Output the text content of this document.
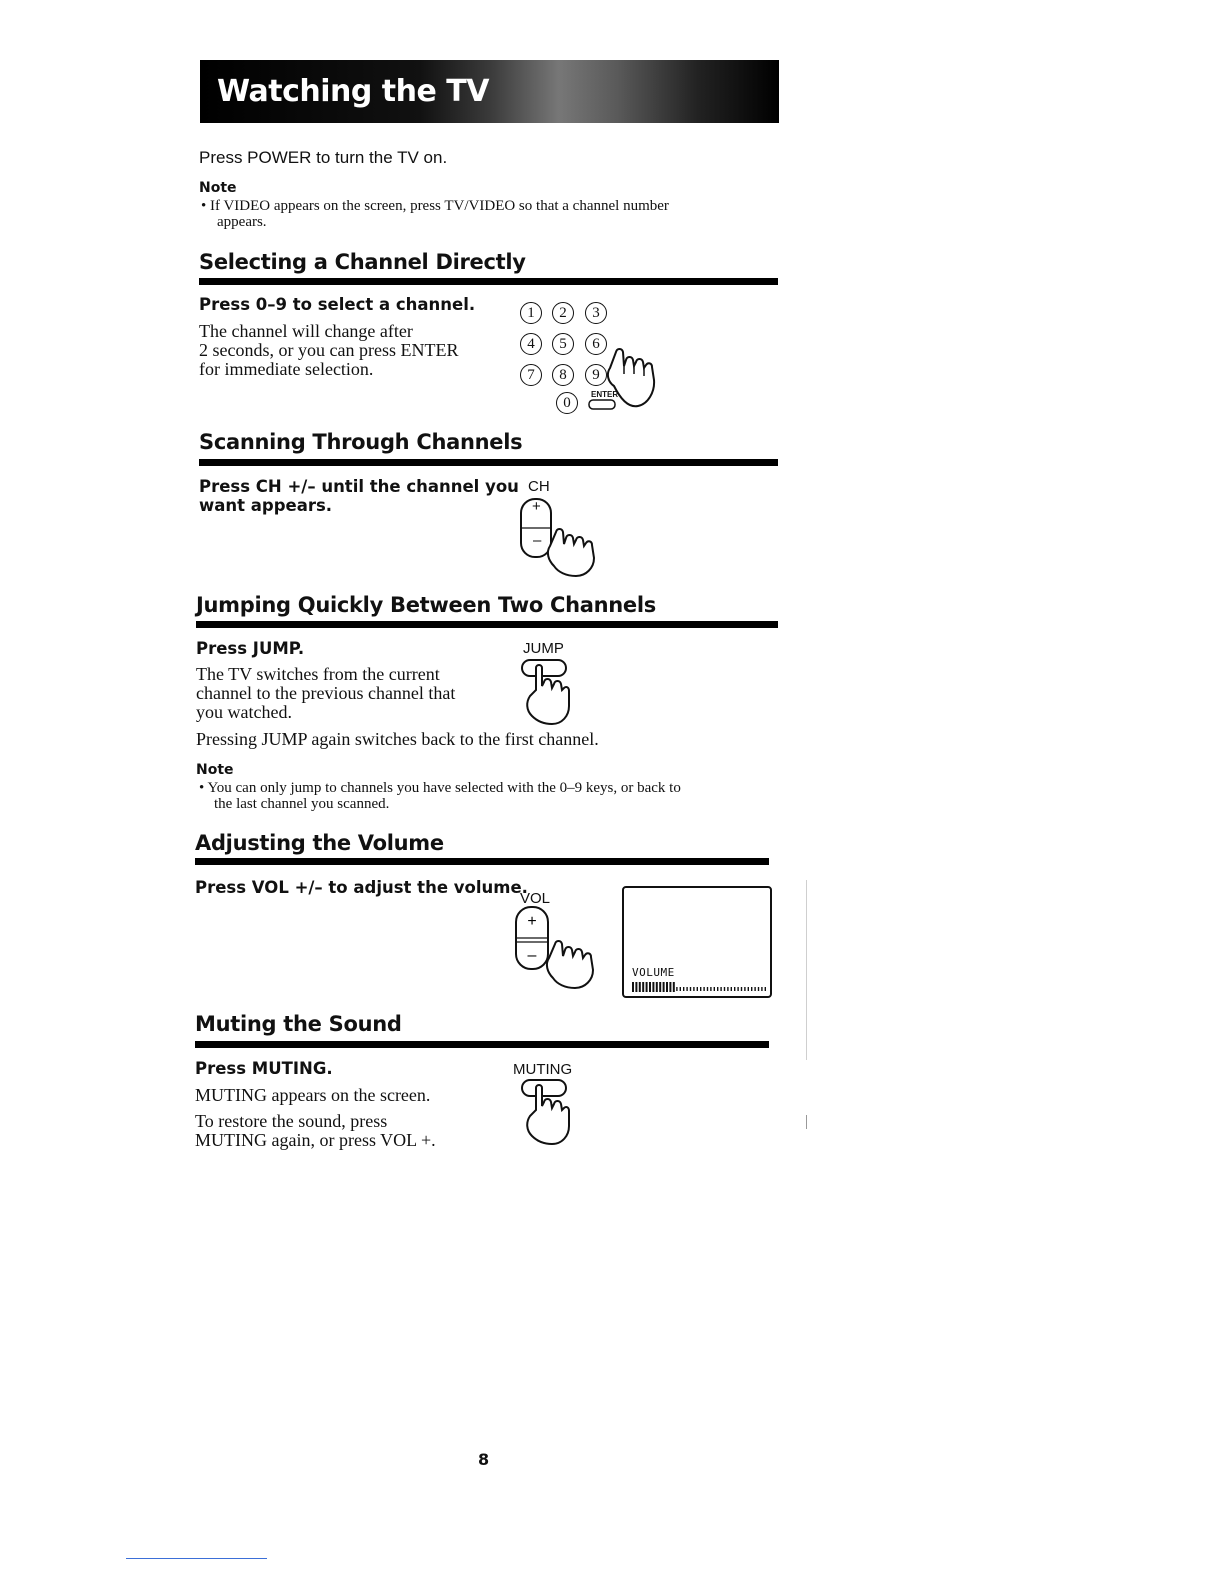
Watching the TV
Press POWER to turn the TV on.
Note
• If VIDEO appears on the screen, press TV/VIDEO so that a channel number
appears.
Selecting a Channel Directly
Press 0–9 to select a channel.
The channel will change after
2 seconds, or you can press ENTER
for immediate selection.
1	2	3
4	5	6
7	8	9
0
ENTER
Scanning Through Channels
Press CH +/– until the channel you
want appears.
CH
+
–
Jumping Quickly Between Two Channels
Press JUMP.
The TV switches from the current
channel to the previous channel that
you watched.
Pressing JUMP again switches back to the first channel.
JUMP
Note
• You can only jump to channels you have selected with the 0–9 keys, or back to
the last channel you scanned.
Adjusting the Volume
Press VOL +/– to adjust the volume.
VOL
+
–
VOLUME
Muting the Sound
Press MUTING.
MUTING appears on the screen.
To restore the sound, press
MUTING again, or press VOL +.
MUTING
8
